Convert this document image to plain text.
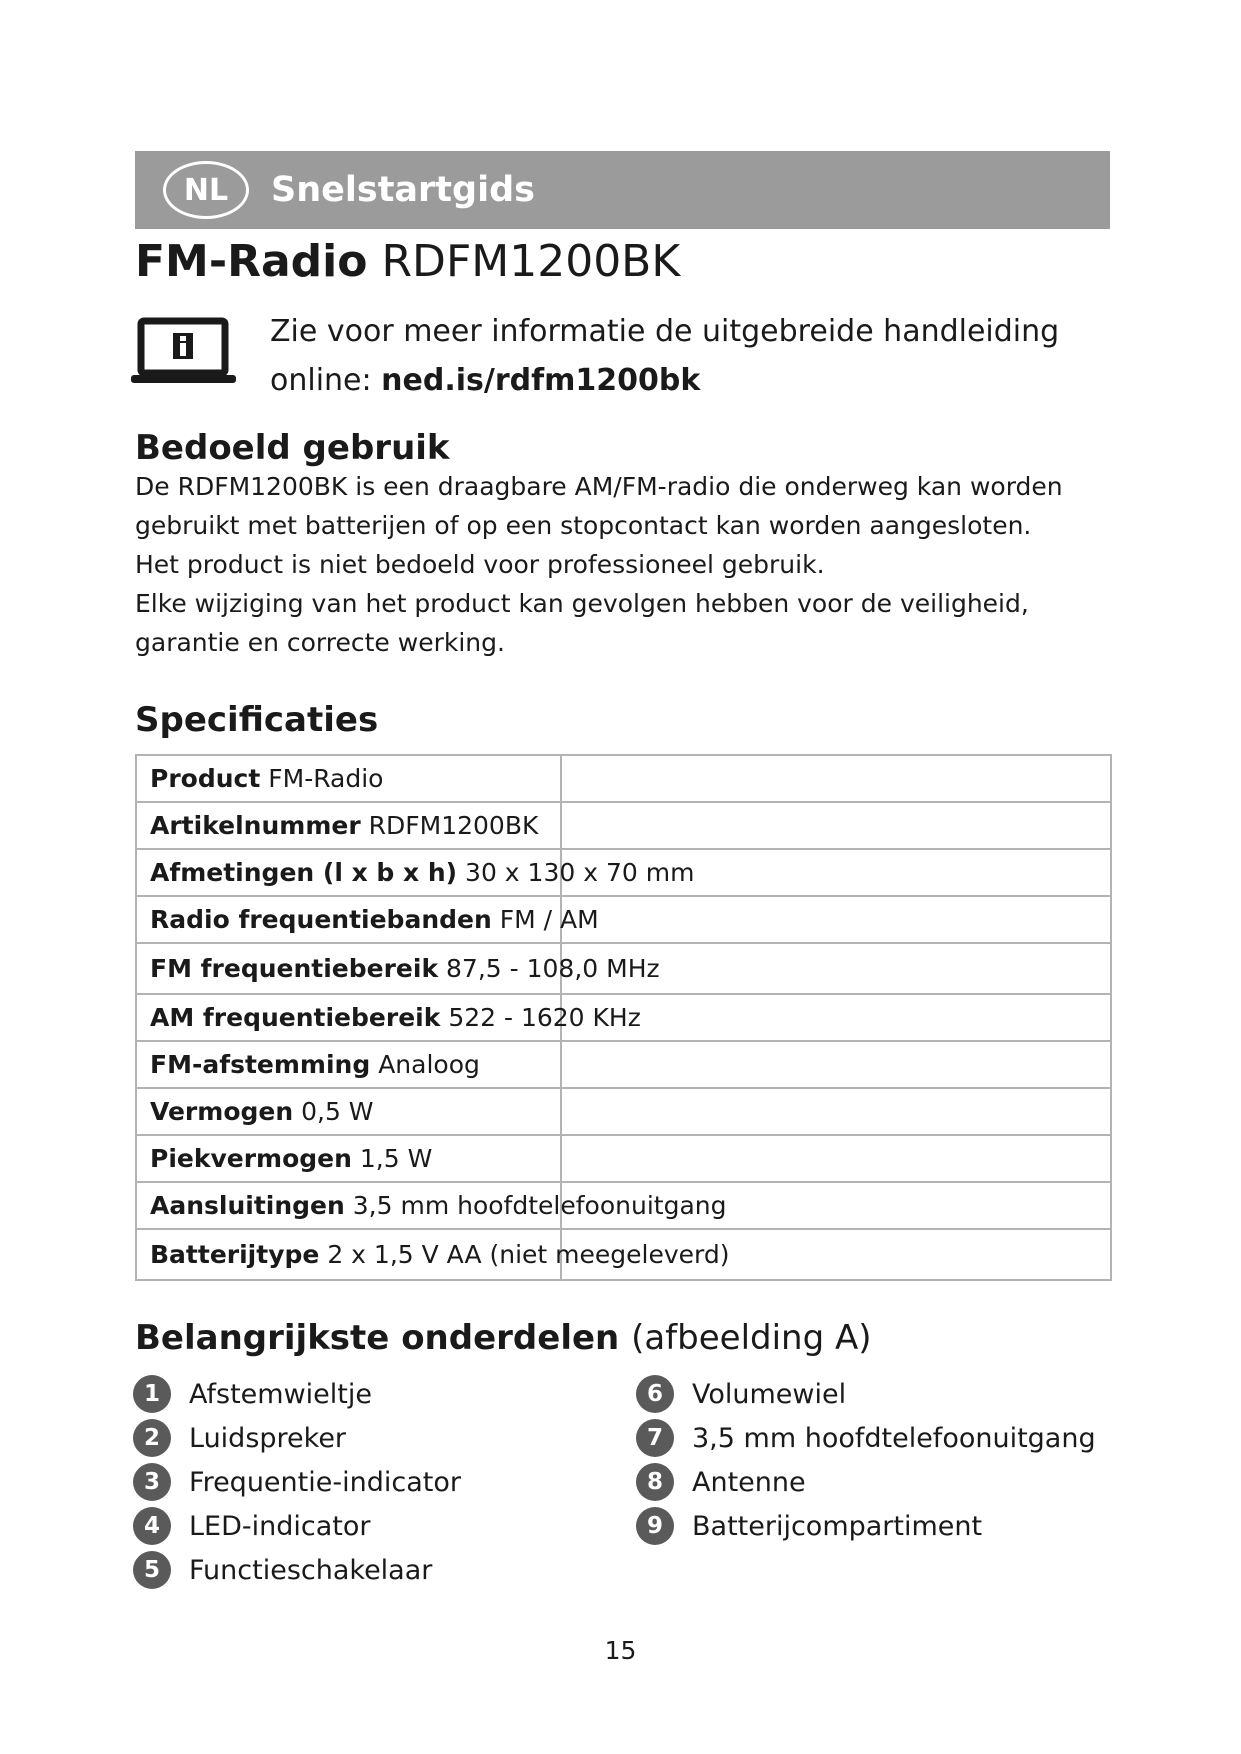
NL	Snelstartgids
FM-Radio RDFM1200BK
Zie voor meer informatie de uitgebreide handleiding
online: ned.is/rdfm1200bk
Bedoeld gebruik

De RDFM1200BK is een draagbare AM/FM-radio die onderweg kan worden gebruikt met batterijen of op een stopcontact kan worden aangesloten.

Het product is niet bedoeld voor professioneel gebruik.

Elke wijziging van het product kan gevolgen hebben voor de veiligheid, garantie en correcte werking.

Specificaties
Product FM-Radio	
Artikelnummer RDFM1200BK	
Afmetingen (l x b x h) 30 x 130 x 70 mm	
Radio frequentiebanden FM / AM	
FM frequentiebereik 87,5 - 108,0 MHz	
AM frequentiebereik 522 - 1620 KHz	
FM-afstemming Analoog	
Vermogen 0,5 W	
Piekvermogen 1,5 W	
Aansluitingen 3,5 mm hoofdtelefoonuitgang	
Batterijtype 2 x 1,5 V AA (niet meegeleverd)	
Belangrijkste onderdelen (afbeelding A)
1	Afstemwieltje
2	Luidspreker
3	Frequentie-indicator
4	LED-indicator
5	Functieschakelaar
6	Volumewiel
7	3,5 mm hoofdtelefoonuitgang
8	Antenne
9	Batterijcompartiment
15
